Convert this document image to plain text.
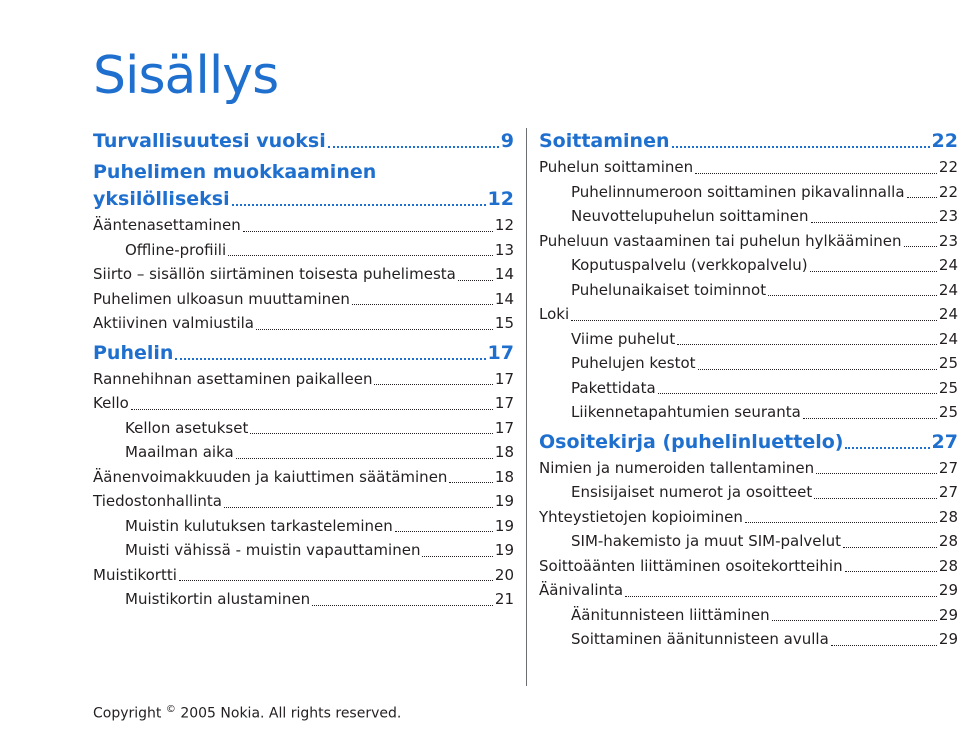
Sisällys
Turvallisuutesi vuoksi	9
Puhelimen muokkaaminen
yksilölliseksi	12
Ääntenasettaminen	12
Offline-profiili	13
Siirto – sisällön siirtäminen toisesta puhelimesta	14
Puhelimen ulkoasun muuttaminen	14
Aktiivinen valmiustila	15
Puhelin	17
Rannehihnan asettaminen paikalleen	17
Kello	17
Kellon asetukset	17
Maailman aika	18
Äänenvoimakkuuden ja kaiuttimen säätäminen	18
Tiedostonhallinta	19
Muistin kulutuksen tarkasteleminen	19
Muisti vähissä - muistin vapauttaminen	19
Muistikortti	20
Muistikortin alustaminen	21
Soittaminen	22
Puhelun soittaminen	22
Puhelinnumeroon soittaminen pikavalinnalla 22
Neuvottelupuhelun soittaminen	23
Puheluun vastaaminen tai puhelun hylkääminen 23
Koputuspalvelu (verkkopalvelu)	24
Puhelunaikaiset toiminnot	24
Loki	24
Viime puhelut	24
Puhelujen kestot	25
Pakettidata	25
Liikennetapahtumien seuranta	25
Osoitekirja (puhelinluettelo)	27
Nimien ja numeroiden tallentaminen	27
Ensisijaiset numerot ja osoitteet	27
Yhteystietojen kopioiminen	28
SIM-hakemisto ja muut SIM-palvelut	28
Soittoäänten liittäminen osoitekortteihin	28
Äänivalinta	29
Äänitunnisteen liittäminen	29
Soittaminen äänitunnisteen avulla	29
Copyright © 2005 Nokia. All rights reserved.
